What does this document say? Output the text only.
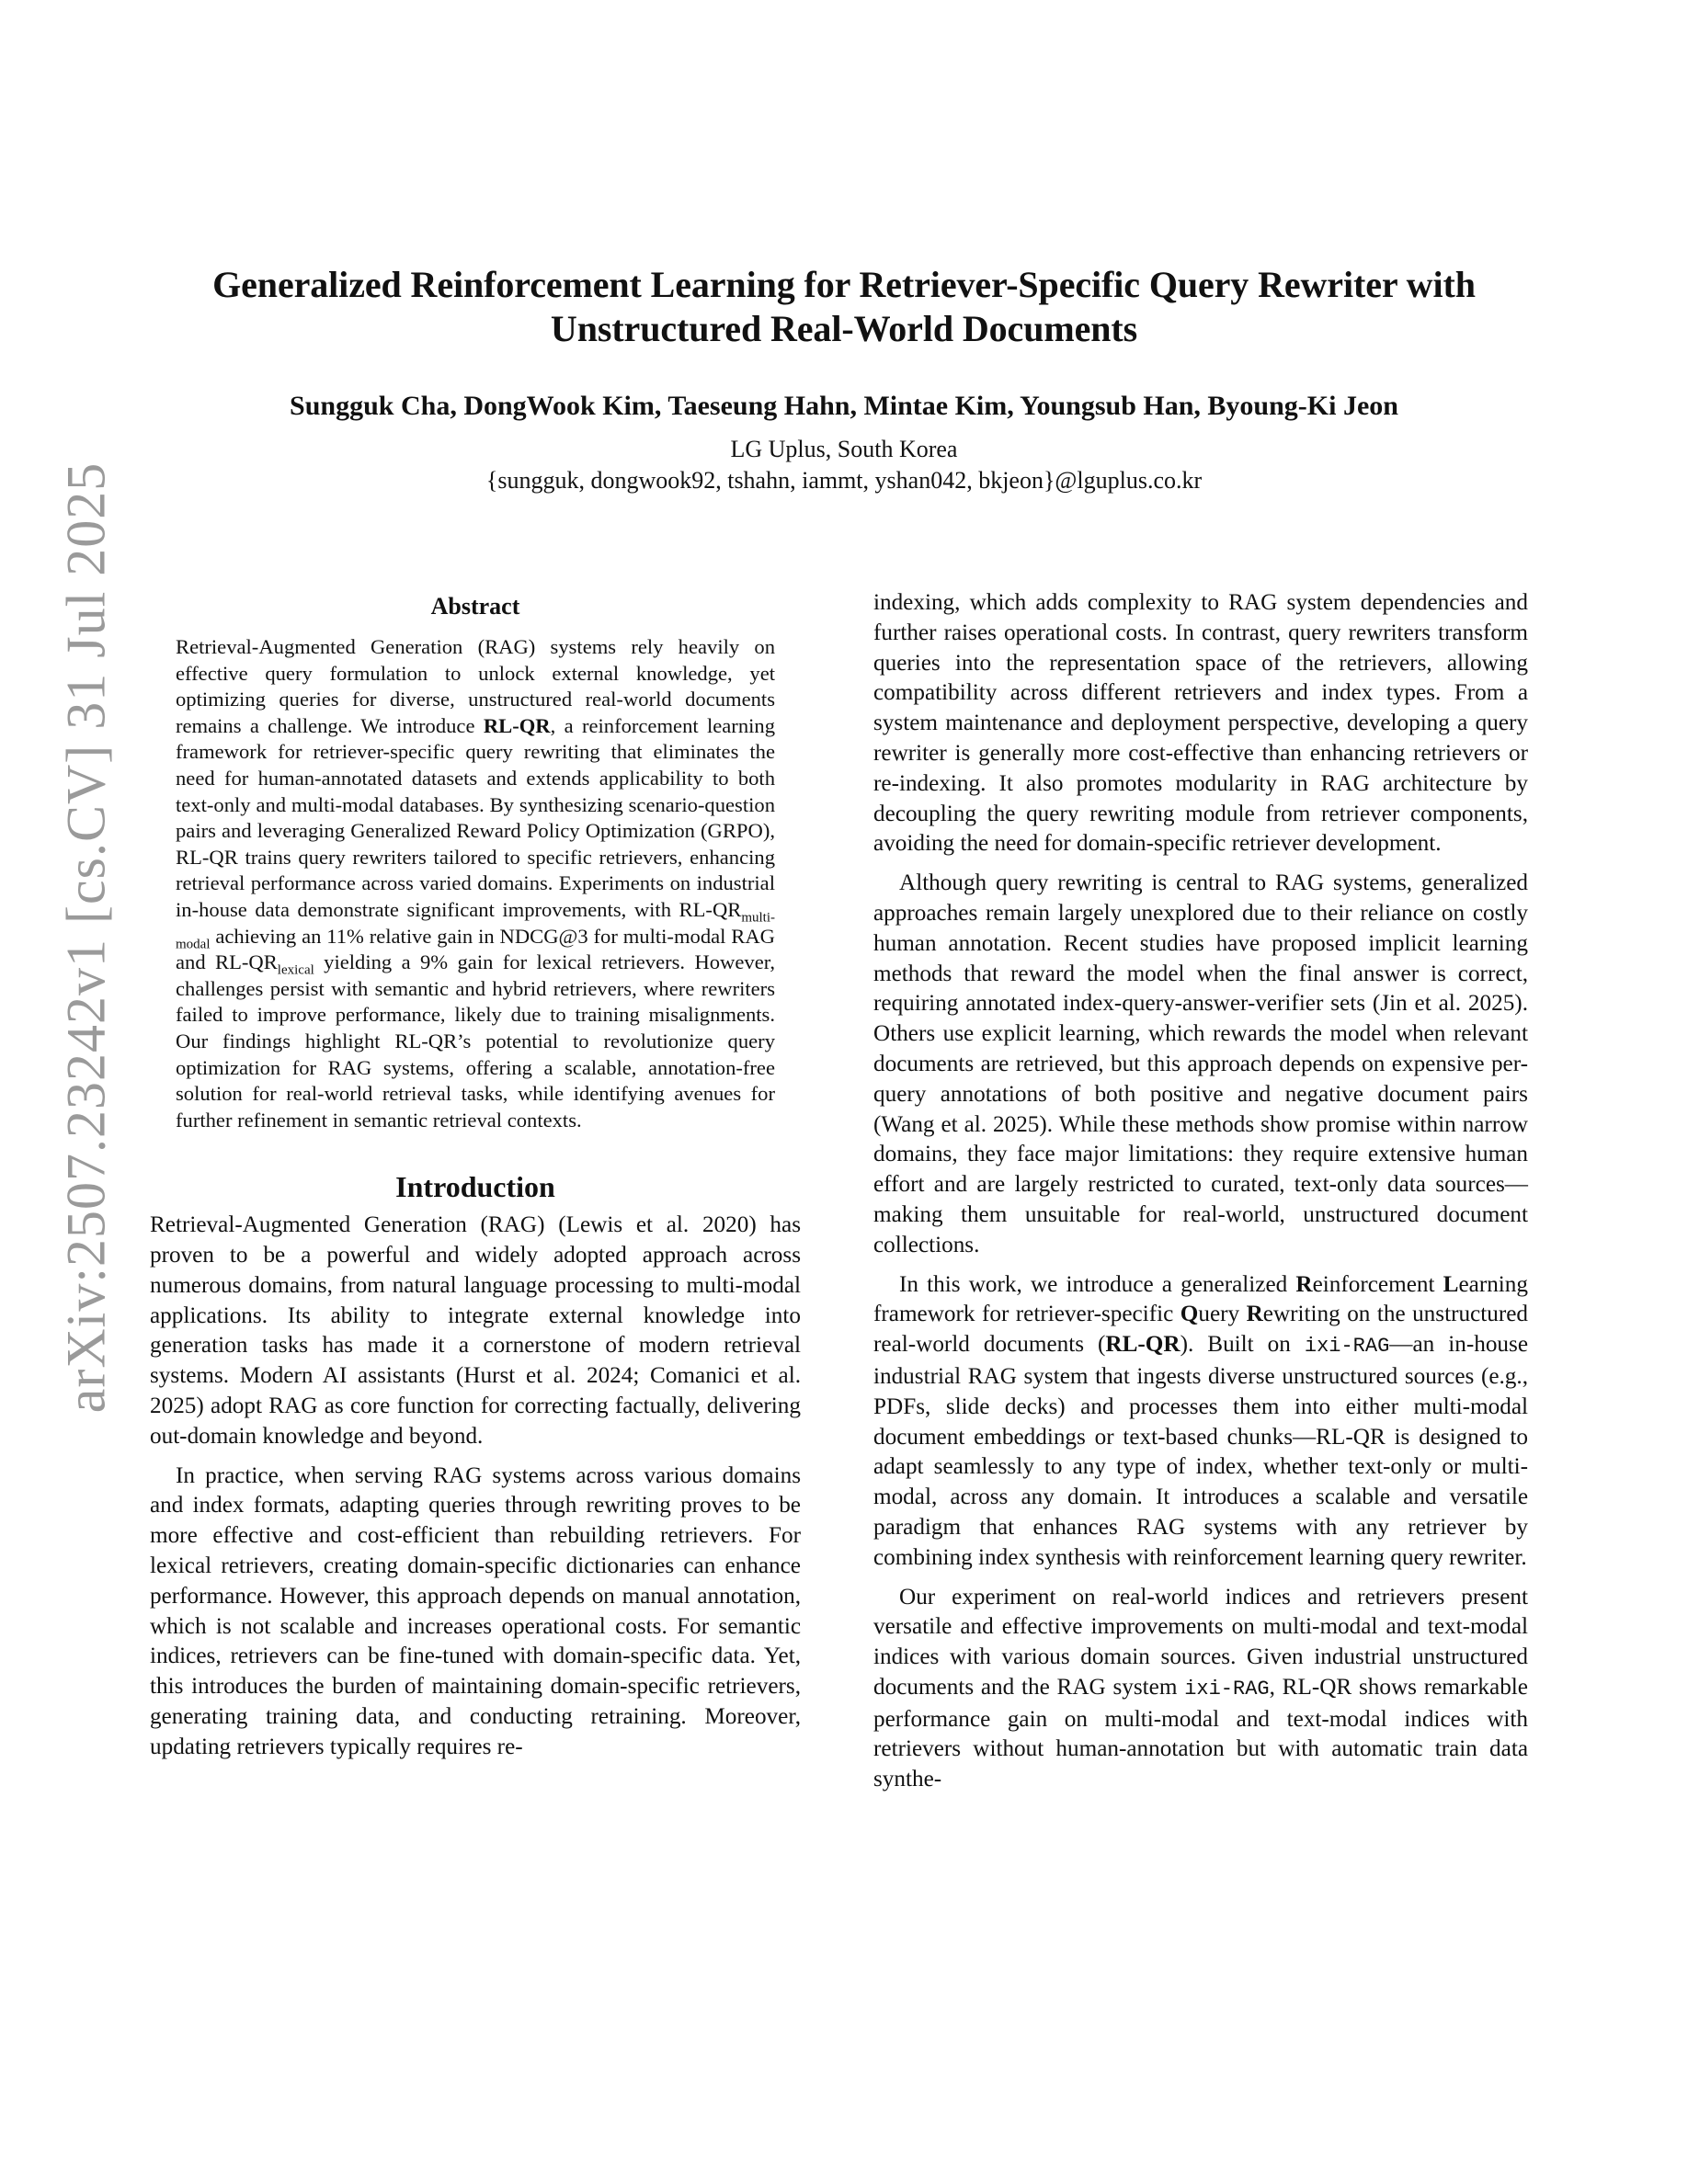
arXiv:2507.23242v1 [cs.CV] 31 Jul 2025
Generalized Reinforcement Learning for Retriever-Specific Query Rewriter with Unstructured Real-World Documents
Sungguk Cha, DongWook Kim, Taeseung Hahn, Mintae Kim, Youngsub Han, Byoung-Ki Jeon
LG Uplus, South Korea
{sungguk, dongwook92, tshahn, iammt, yshan042, bkjeon}@lguplus.co.kr
Abstract

Retrieval-Augmented Generation (RAG) systems rely heavily on effective query formulation to unlock external knowledge, yet optimizing queries for diverse, unstructured real-world documents remains a challenge. We introduce RL-QR, a reinforcement learning framework for retriever-specific query rewriting that eliminates the need for human-annotated datasets and extends applicability to both text-only and multi-modal databases. By synthesizing scenario-question pairs and leveraging Generalized Reward Policy Optimization (GRPO), RL-QR trains query rewriters tailored to specific retrievers, enhancing retrieval performance across varied domains. Experiments on industrial in-house data demonstrate significant improvements, with $RL-QR_{multi-modal}$ achieving an 11% relative gain in NDCG@3 for multi-modal RAG and $RL-QR_{lexical}$ yielding a 9% gain for lexical retrievers. However, challenges persist with semantic and hybrid retrievers, where rewriters failed to improve performance, likely due to training misalignments. Our findings highlight RL-QR’s potential to revolutionize query optimization for RAG systems, offering a scalable, annotation-free solution for real-world retrieval tasks, while identifying avenues for further refinement in semantic retrieval contexts.

Introduction

Retrieval-Augmented Generation (RAG) (Lewis et al. 2020) has proven to be a powerful and widely adopted approach across numerous domains, from natural language processing to multi-modal applications. Its ability to integrate external knowledge into generation tasks has made it a cornerstone of modern retrieval systems. Modern AI assistants (Hurst et al. 2024; Comanici et al. 2025) adopt RAG as core function for correcting factually, delivering out-domain knowledge and beyond.

In practice, when serving RAG systems across various domains and index formats, adapting queries through rewriting proves to be more effective and cost-efficient than rebuilding retrievers. For lexical retrievers, creating domain-specific dictionaries can enhance performance. However, this approach depends on manual annotation, which is not scalable and increases operational costs. For semantic indices, retrievers can be fine-tuned with domain-specific data. Yet, this introduces the burden of maintaining domain-specific retrievers, generating training data, and conducting retraining. Moreover, updating retrievers typically requires re-

indexing, which adds complexity to RAG system dependencies and further raises operational costs. In contrast, query rewriters transform queries into the representation space of the retrievers, allowing compatibility across different retrievers and index types. From a system maintenance and deployment perspective, developing a query rewriter is generally more cost-effective than enhancing retrievers or re-indexing. It also promotes modularity in RAG architecture by decoupling the query rewriting module from retriever components, avoiding the need for domain-specific retriever development.

Although query rewriting is central to RAG systems, generalized approaches remain largely unexplored due to their reliance on costly human annotation. Recent studies have proposed implicit learning methods that reward the model when the final answer is correct, requiring annotated index-query-answer-verifier sets (Jin et al. 2025). Others use explicit learning, which rewards the model when relevant documents are retrieved, but this approach depends on expensive per-query annotations of both positive and negative document pairs (Wang et al. 2025). While these methods show promise within narrow domains, they face major limitations: they require extensive human effort and are largely restricted to curated, text-only data sources—making them unsuitable for real-world, unstructured document collections.

In this work, we introduce a generalized Reinforcement Learning framework for retriever-specific Query Rewriting on the unstructured real-world documents (RL-QR). Built on ixi-RAG—an in-house industrial RAG system that ingests diverse unstructured sources (e.g., PDFs, slide decks) and processes them into either multi-modal document embeddings or text-based chunks—RL-QR is designed to adapt seamlessly to any type of index, whether text-only or multi-modal, across any domain. It introduces a scalable and versatile paradigm that enhances RAG systems with any retriever by combining index synthesis with reinforcement learning query rewriter.

Our experiment on real-world indices and retrievers present versatile and effective improvements on multi-modal and text-modal indices with various domain sources. Given industrial unstructured documents and the RAG system ixi-RAG, RL-QR shows remarkable performance gain on multi-modal and text-modal indices with retrievers without human-annotation but with automatic train data synthe-
